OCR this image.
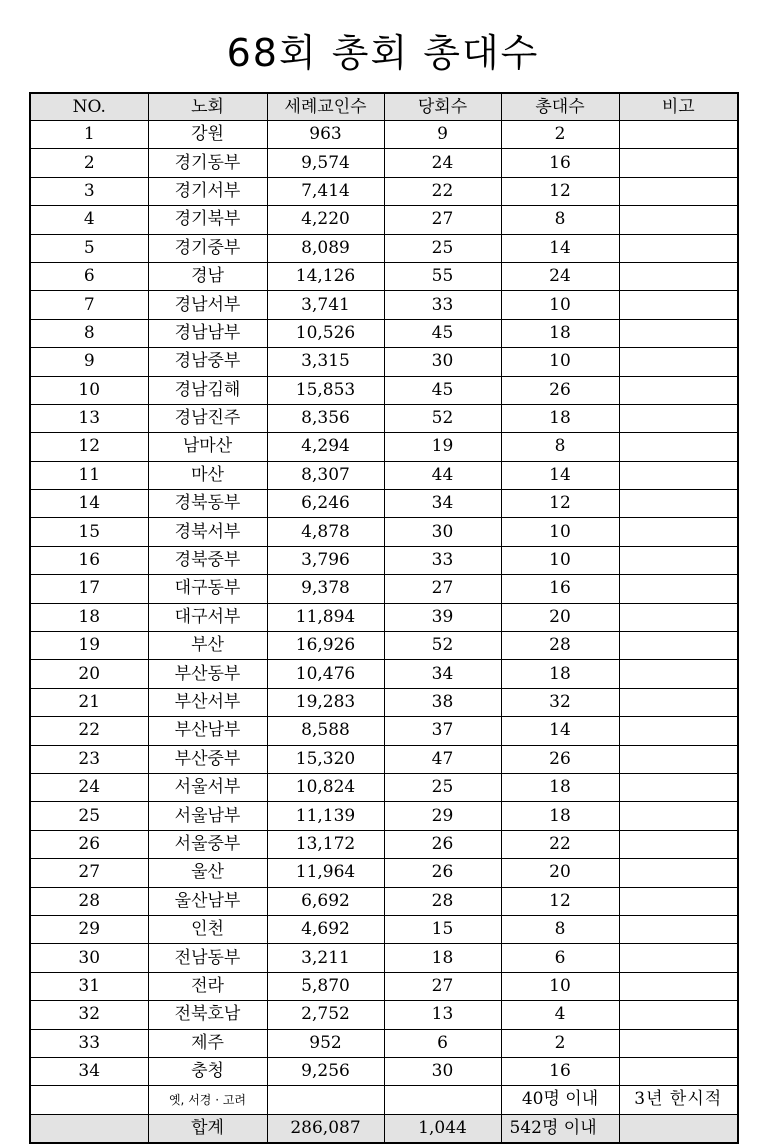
68회 총회 총대수
NO.	노회	세례교인수	당회수	총대수	비고
1	강원	963	9	2	
2	경기동부	9,574	24	16	
3	경기서부	7,414	22	12	
4	경기북부	4,220	27	8	
5	경기중부	8,089	25	14	
6	경남	14,126	55	24	
7	경남서부	3,741	33	10	
8	경남남부	10,526	45	18	
9	경남중부	3,315	30	10	
10	경남김해	15,853	45	26	
13	경남진주	8,356	52	18	
12	남마산	4,294	19	8	
11	마산	8,307	44	14	
14	경북동부	6,246	34	12	
15	경북서부	4,878	30	10	
16	경북중부	3,796	33	10	
17	대구동부	9,378	27	16	
18	대구서부	11,894	39	20	
19	부산	16,926	52	28	
20	부산동부	10,476	34	18	
21	부산서부	19,283	38	32	
22	부산남부	8,588	37	14	
23	부산중부	15,320	47	26	
24	서울서부	10,824	25	18	
25	서울남부	11,139	29	18	
26	서울중부	13,172	26	22	
27	울산	11,964	26	20	
28	울산남부	6,692	28	12	
29	인천	4,692	15	8	
30	전남동부	3,211	18	6	
31	전라	5,870	27	10	
32	전북호남	2,752	13	4	
33	제주	952	6	2	
34	충청	9,256	30	16	
	옛, 서경 · 고려			40명 이내	3년 한시적
	합계	286,087	1,044	542명 이내	
